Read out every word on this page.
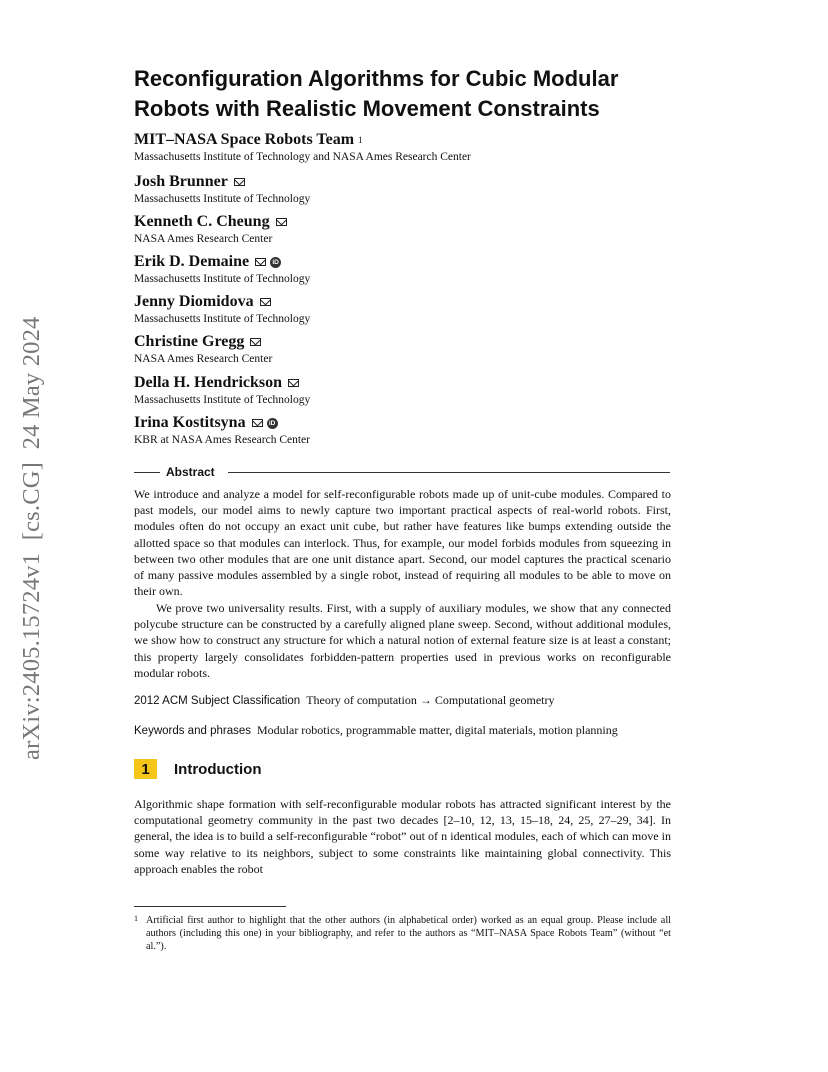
arXiv:2405.15724v1  [cs.CG]  24 May 2024
Reconfiguration Algorithms for Cubic Modular Robots with Realistic Movement Constraints
MIT–NASA Space Robots Team 1
Massachusetts Institute of Technology and NASA Ames Research Center
Josh Brunner
Massachusetts Institute of Technology
Kenneth C. Cheung
NASA Ames Research Center
Erik D. Demaine	iD
Massachusetts Institute of Technology
Jenny Diomidova
Massachusetts Institute of Technology
Christine Gregg
NASA Ames Research Center
Della H. Hendrickson
Massachusetts Institute of Technology
Irina Kostitsyna	iD
KBR at NASA Ames Research Center
Abstract

We introduce and analyze a model for self-reconfigurable robots made up of unit-cube modules. Compared to past models, our model aims to newly capture two important practical aspects of real-world robots. First, modules often do not occupy an exact unit cube, but rather have features like bumps extending outside the allotted space so that modules can interlock. Thus, for example, our model forbids modules from squeezing in between two other modules that are one unit distance apart. Second, our model captures the practical scenario of many passive modules assembled by a single robot, instead of requiring all modules to be able to move on their own.

We prove two universality results. First, with a supply of auxiliary modules, we show that any connected polycube structure can be constructed by a carefully aligned plane sweep. Second, without additional modules, we show how to construct any structure for which a natural notion of external feature size is at least a constant; this property largely consolidates forbidden-pattern properties used in previous works on reconfigurable modular robots.

2012 ACM Subject Classification Theory of computation → Computational geometry
Keywords and phrases Modular robotics, programmable matter, digital materials, motion planning
1	Introduction

Algorithmic shape formation with self-reconfigurable modular robots has attracted significant interest by the computational geometry community in the past two decades [2–10, 12, 13, 15–18, 24, 25, 27–29, 34]. In general, the idea is to build a self-reconfigurable “robot” out of n identical modules, each of which can move in some way relative to its neighbors, subject to some constraints like maintaining global connectivity. This approach enables the robot

1 Artificial first author to highlight that the other authors (in alphabetical order) worked as an equal group. Please include all authors (including this one) in your bibliography, and refer to the authors as “MIT–NASA Space Robots Team” (without “et al.”).
